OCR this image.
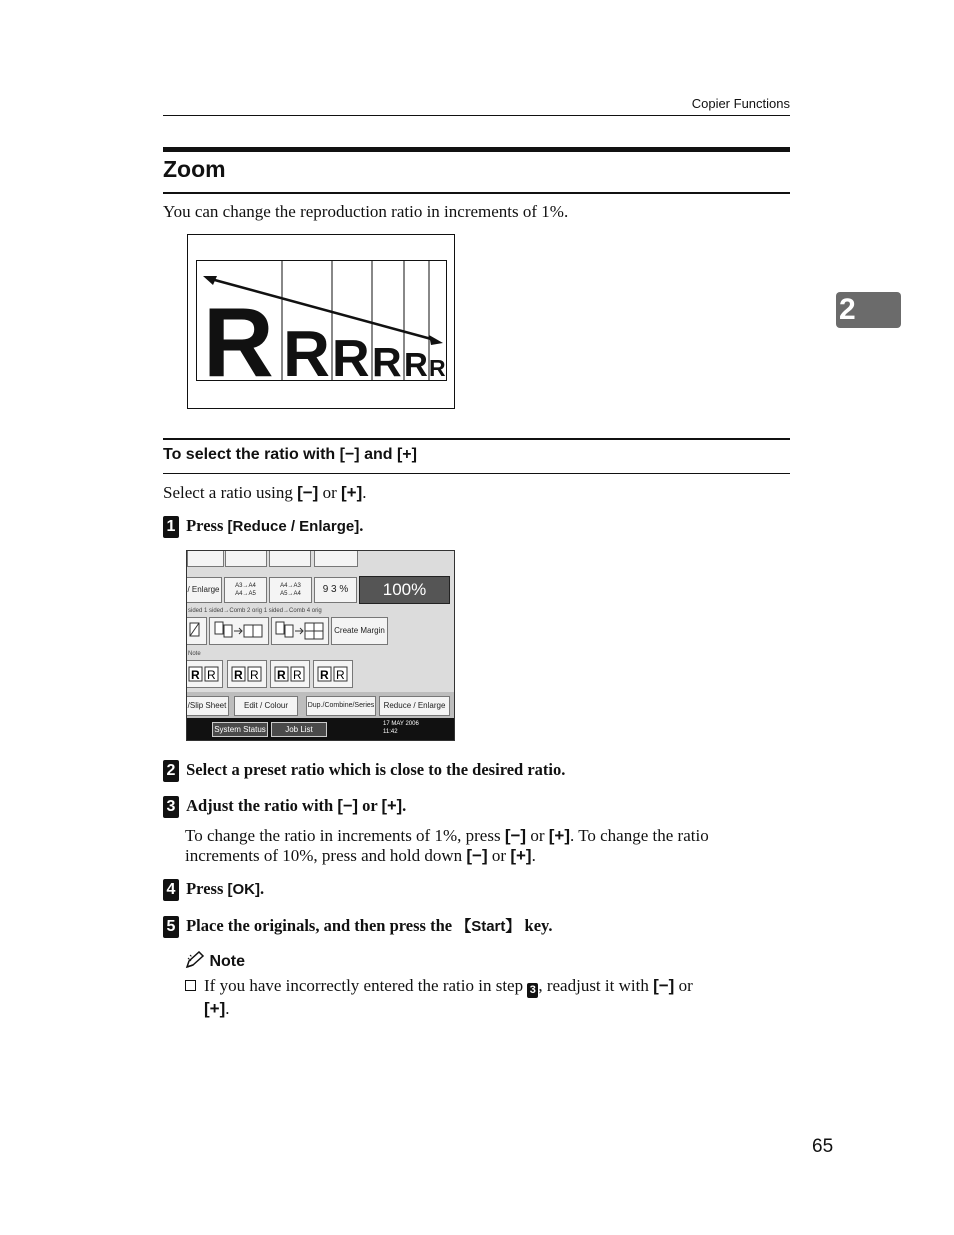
Copier Functions
2
Zoom
You can change the reproduction ratio in increments of 1%.
R R R R R R
To select the ratio with [−] and [+]
Select a ratio using [−] or [+].
1 Press [Reduce / Enlarge].
/ Enlarge	A3→A4
A4→A5
A4→A3
A5→A4	9 3 %	100%
sided 1 sided→Comb 2 orig 1 sided→Comb 4 orig
Create Margin
Note
R R R R R R R R
/Slip Sheet	Edit / Colour	Dup./Combine/Series	Reduce / Enlarge
System Status	Job List
17 MAY 2006
11:42
2 Select a preset ratio which is close to the desired ratio.
3 Adjust the ratio with [−] or [+].
To change the ratio in increments of 1%, press [−] or [+]. To change the ratio
increments of 10%, press and hold down [−] or [+].
4 Press [OK].
5 Place the originals, and then press the 【Start】 key.
Note
If you have incorrectly entered the ratio in step 3 , readjust it with [−] or
[+].
65
